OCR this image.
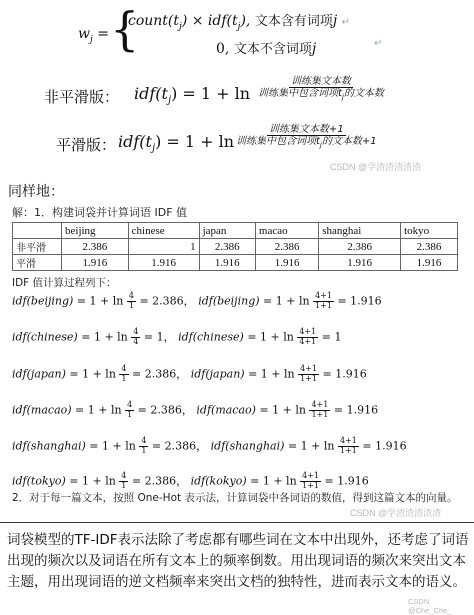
$w_j$ = {
$count(t_j) \times idf(t_j)$, 文本含有词项j ↵
0, 文本不含词项j	↵
非平滑版： $idf(t_j) = 1 + \ln$
训练集文本数
训练集中包含词项$t_j$的文本数
平滑版： $idf(t_j) = 1 + \ln$
训练集文本数+1
训练集中包含词项$t_j$的文本数+1
CSDN @学渣渣渣渣渣
同样地：
解：1．构建词袋并计算词语 IDF 值
	beijing	chinese	japan	macao	shanghai	tokyo
非平滑	2.386	1	2.386	2.386	2.386	2.386
平滑	1.916	1.916	1.916	1.916	1.916	1.916
IDF 值计算过程列下：
idf(beijing) = $1 + \ln \frac{4}{1} = 2.386$， idf(beijing) = $1 + \ln \frac{4+1}{1+1} = 1.916$
idf(chinese) = $1 + \ln \frac{4}{4} = 1$， idf(chinese) = $1 + \ln \frac{4+1}{4+1} = 1$
idf(japan) = $1 + \ln \frac{4}{1} = 2.386$， idf(japan) = $1 + \ln \frac{4+1}{1+1} = 1.916$
idf(macao) = $1 + \ln \frac{4}{1} = 2.386$， idf(macao) = $1 + \ln \frac{4+1}{1+1} = 1.916$
idf(shanghai) = $1 + \ln \frac{4}{1} = 2.386$， idf(shanghai) = $1 + \ln \frac{4+1}{1+1} = 1.916$
idf(tokyo) = $1 + \ln \frac{4}{1} = 2.386$， idf(kokyo) = $1 + \ln \frac{4+1}{1+1} = 1.916$
2．对于每一篇文本，按照 One-Hot 表示法，计算词袋中各词语的数值，得到这篇文本的向量。
CSDN @学渣渣渣渣渣
词袋模型的TF-IDF表示法除了考虑都有哪些词在文本中出现外，还考虑了词语出现的频次以及词语在所有文本上的频率倒数。用出现词语的频次来突出文本主题，用出现词语的逆文档频率来突出文档的独特性，进而表示文本的语义。
CSDN @Che_Che_
